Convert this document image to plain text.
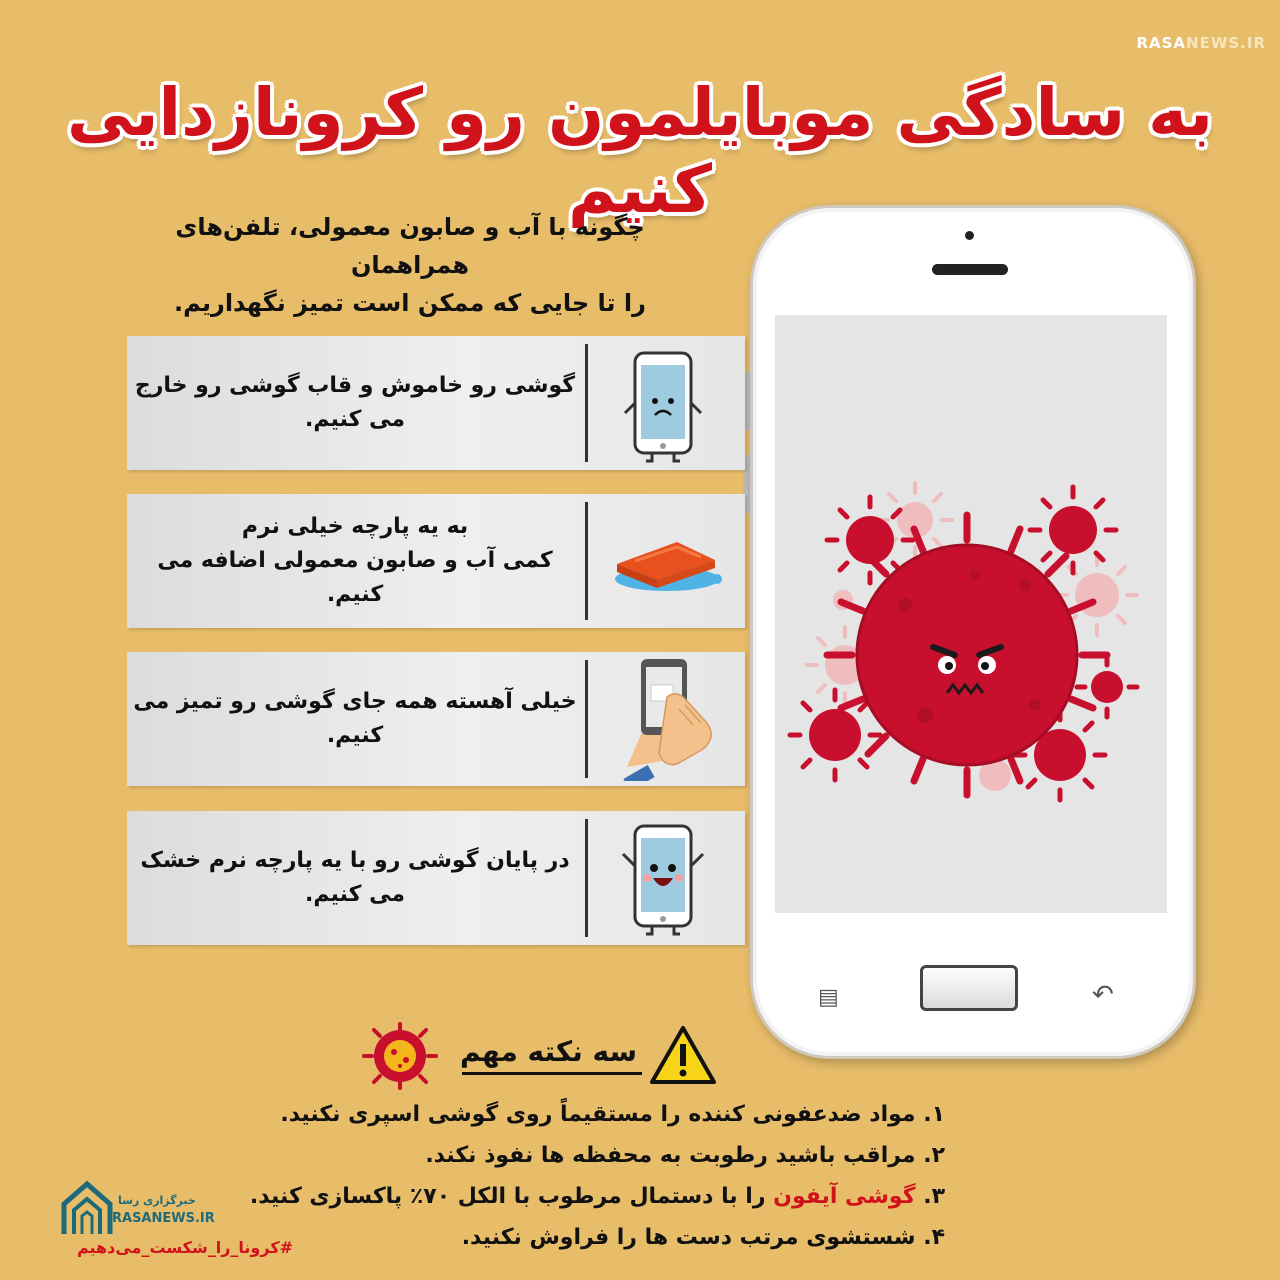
RASANEWS.IR
به سادگی موبایلمون رو کرونازدایی کنیم
چگونه با آب و صابون معمولی، تلفن‌های همراهمان
را تا جایی که ممکن است تمیز نگهداریم.
▤	↶
گوشی رو خاموش و قاب گوشی رو خارج می کنیم.
به یه پارچه خیلی نرم
کمی آب و صابون معمولی اضافه می کنیم.
خیلی آهسته همه جای گوشی رو تمیز می کنیم.
در پایان گوشی رو با یه پارچه نرم خشک می کنیم.
سه نکته مهم
۱. مواد ضدعفونی کننده را مستقیماً روی گوشی اسپری نکنید.
۲. مراقب باشید رطوبت به محفظه ها نفوذ نکند.
۳. گوشی آیفون را با دستمال مرطوب با الکل ۷۰٪ پاکسازی کنید.
۴. شستشوی مرتب دست ها را فراوش نکنید.
خبرگزاری رسا
RASANEWS.IR
#کرونا_را_شکست_می‌دهیم
